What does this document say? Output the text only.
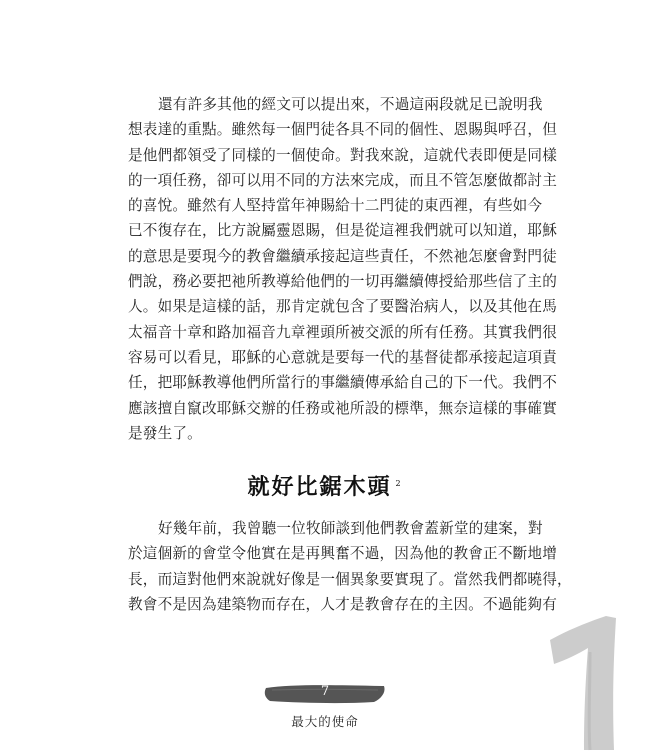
還有許多其他的經文可以提出來，不過這兩段就足已說明我
想表達的重點。雖然每一個門徒各具不同的個性、恩賜與呼召，但
是他們都領受了同樣的一個使命。對我來說，這就代表即便是同樣
的一項任務，卻可以用不同的方法來完成，而且不管怎麼做都討主
的喜悅。雖然有人堅持當年神賜給十二門徒的東西裡，有些如今
已不復存在，比方說屬靈恩賜，但是從這裡我們就可以知道，耶穌
的意思是要現今的教會繼續承接起這些責任，不然祂怎麼會對門徒
們說，務必要把祂所教導給他們的一切再繼續傳授給那些信了主的
人。如果是這樣的話，那肯定就包含了要醫治病人，以及其他在馬
太福音十章和路加福音九章裡頭所被交派的所有任務。其實我們很
容易可以看見，耶穌的心意就是要每一代的基督徒都承接起這項責
任，把耶穌教導他們所當行的事繼續傳承給自己的下一代。我們不
應該擅自竄改耶穌交辦的任務或祂所設的標準，無奈這樣的事確實
是發生了。
就好比鋸木頭 $^2$
好幾年前，我曾聽一位牧師談到他們教會蓋新堂的建案，對
於這個新的會堂令他實在是再興奮不過，因為他的教會正不斷地增
長，而這對他們來說就好像是一個異象要實現了。當然我們都曉得，
教會不是因為建築物而存在，人才是教會存在的主因。不過能夠有
1
7
最大的使命
